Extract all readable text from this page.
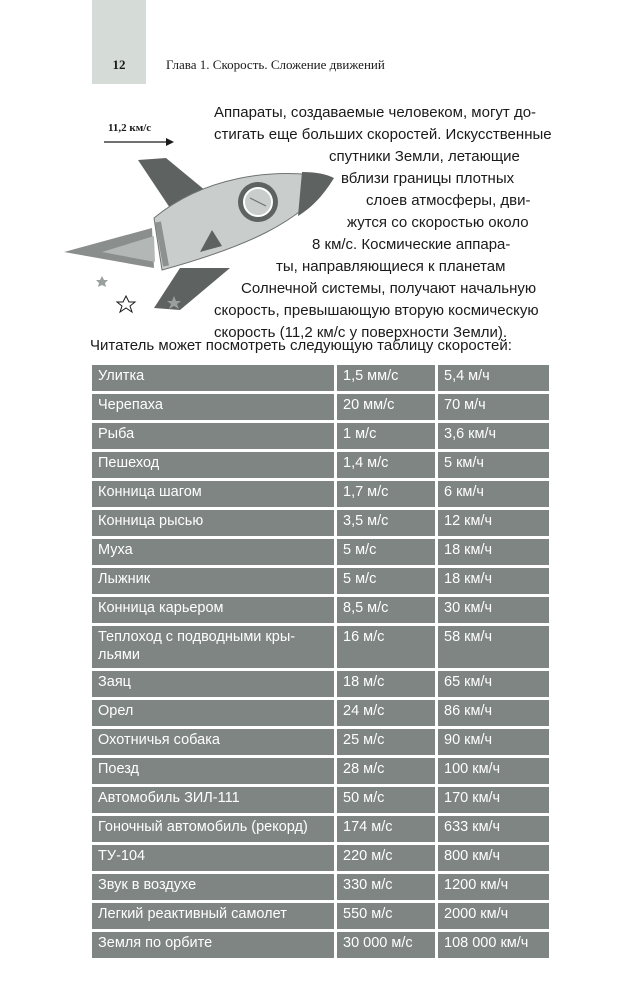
12	Глава 1. Скорость. Сложение движений
11,2 км/с
Аппараты, создаваемые человеком, могут до-
стигать еще больших скоростей. Искусственные
спутники Земли, летающие
вблизи границы плотных
слоев атмосферы, дви-
жутся со скоростью около
8 км/с. Космические аппара-
ты, направляющиеся к планетам
Солнечной системы, получают начальную
скорость, превышающую вторую космическую
скорость (11,2 км/с у поверхности Земли).
Читатель может посмотреть следующую таблицу скоростей:
Улитка	1,5 мм/с	5,4 м/ч
Черепаха	20 мм/с	70 м/ч
Рыба	1 м/с	3,6 км/ч
Пешеход	1,4 м/с	5 км/ч
Конница шагом	1,7 м/с	6 км/ч
Конница рысью	3,5 м/с	12 км/ч
Муха	5 м/с	18 км/ч
Лыжник	5 м/с	18 км/ч
Конница карьером	8,5 м/с	30 км/ч
Теплоход с подводными кры-
льями	16 м/с	58 км/ч
Заяц	18 м/с	65 км/ч
Орел	24 м/с	86 км/ч
Охотничья собака	25 м/с	90 км/ч
Поезд	28 м/с	100 км/ч
Автомобиль ЗИЛ-111	50 м/с	170 км/ч
Гоночный автомобиль (рекорд)	174 м/с	633 км/ч
ТУ-104	220 м/с	800 км/ч
Звук в воздухе	330 м/с	1200 км/ч
Легкий реактивный самолет	550 м/с	2000 км/ч
Земля по орбите	30 000 м/с	108 000 км/ч
